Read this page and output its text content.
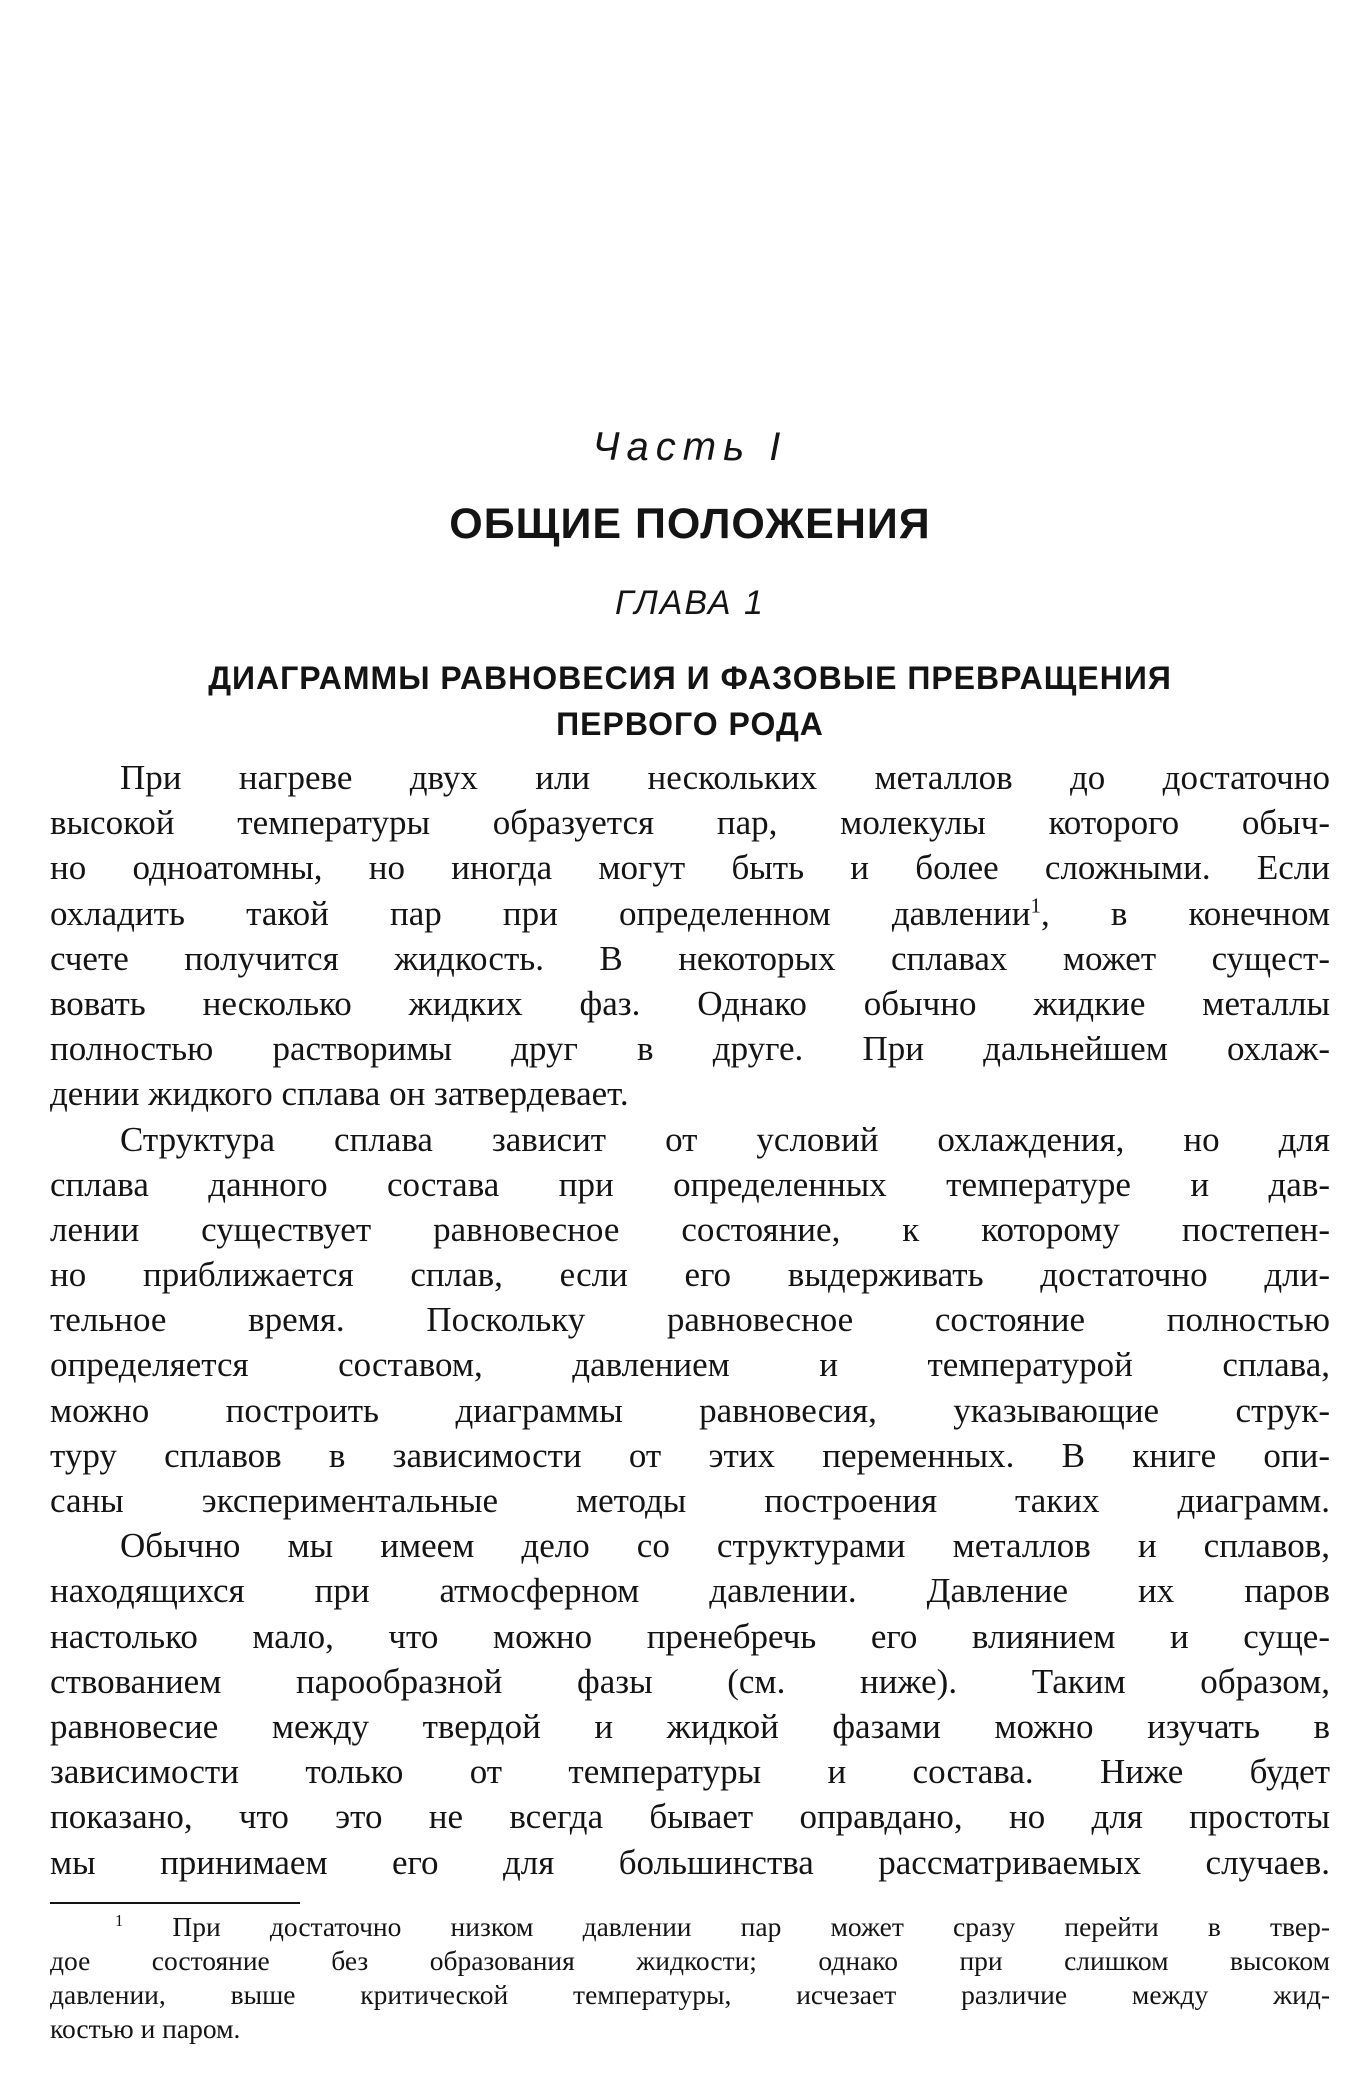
Часть I
ОБЩИЕ ПОЛОЖЕНИЯ
ГЛАВА 1
ДИАГРАММЫ РАВНОВЕСИЯ И ФАЗОВЫЕ ПРЕВРАЩЕНИЯ
ПЕРВОГО РОДА
При нагреве двух или нескольких металлов до достаточно
высокой температуры образуется пар, молекулы которого обыч-
но одноатомны, но иногда могут быть и более сложными. Если
охладить такой пар при определенном давлении$^1$, в конечном
счете получится жидкость. В некоторых сплавах может сущест-
вовать несколько жидких фаз. Однако обычно жидкие металлы
полностью растворимы друг в друге. При дальнейшем охлаж-
дении жидкого сплава он затвердевает.
Структура сплава зависит от условий охлаждения, но для
сплава данного состава при определенных температуре и дав-
лении существует равновесное состояние, к которому постепен-
но приближается сплав, если его выдерживать достаточно дли-
тельное время. Поскольку равновесное состояние полностью
определяется составом, давлением и температурой сплава,
можно построить диаграммы равновесия, указывающие струк-
туру сплавов в зависимости от этих переменных. В книге опи-
саны экспериментальные методы построения таких диаграмм.
Обычно мы имеем дело со структурами металлов и сплавов,
находящихся при атмосферном давлении. Давление их паров
настолько мало, что можно пренебречь его влиянием и суще-
ствованием парообразной фазы (см. ниже). Таким образом,
равновесие между твердой и жидкой фазами можно изучать в
зависимости только от температуры и состава. Ниже будет
показано, что это не всегда бывает оправдано, но для простоты
мы принимаем его для большинства рассматриваемых случаев.
$^1$ При достаточно низком давлении пар может сразу перейти в твер-
дое состояние без образования жидкости; однако при слишком высоком
давлении, выше критической температуры, исчезает различие между жид-
костью и паром.
